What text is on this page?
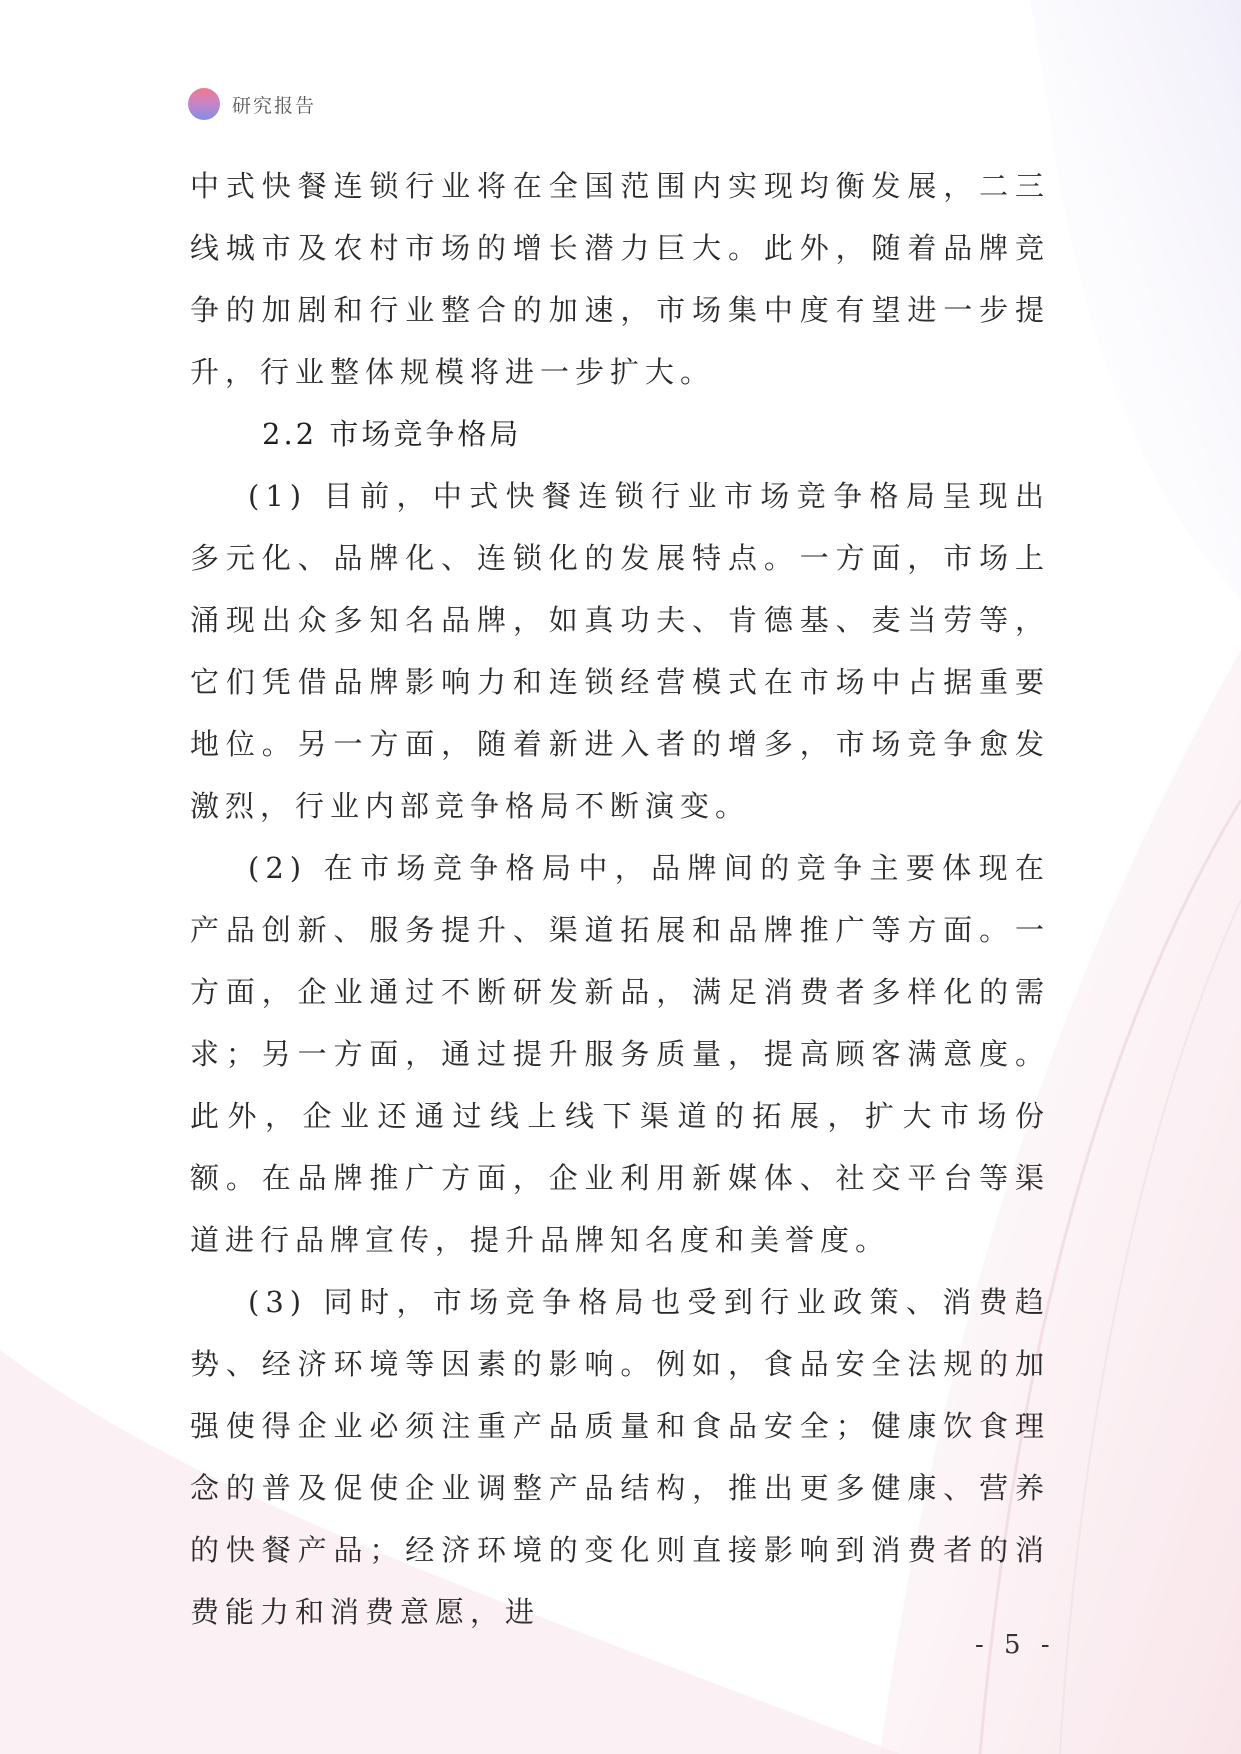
研究报告

中式快餐连锁行业将在全国范围内实现均衡发展，二三线城市及农村市场的增长潜力巨大。此外，随着品牌竞争的加剧和行业整合的加速，市场集中度有望进一步提升，行业整体规模将进一步扩大。

2.2 市场竞争格局

(1) 目前，中式快餐连锁行业市场竞争格局呈现出多元化、品牌化、连锁化的发展特点。一方面，市场上涌现出众多知名品牌，如真功夫、肯德基、麦当劳等，它们凭借品牌影响力和连锁经营模式在市场中占据重要地位。另一方面，随着新进入者的增多，市场竞争愈发激烈，行业内部竞争格局不断演变。

(2) 在市场竞争格局中，品牌间的竞争主要体现在产品创新、服务提升、渠道拓展和品牌推广等方面。一方面，企业通过不断研发新品，满足消费者多样化的需求；另一方面，通过提升服务质量，提高顾客满意度。此外，企业还通过线上线下渠道的拓展，扩大市场份额。在品牌推广方面，企业利用新媒体、社交平台等渠道进行品牌宣传，提升品牌知名度和美誉度。

(3) 同时，市场竞争格局也受到行业政策、消费趋势、经济环境等因素的影响。例如，食品安全法规的加强使得企业必须注重产品质量和食品安全；健康饮食理念的普及促使企业调整产品结构，推出更多健康、营养的快餐产品；经济环境的变化则直接影响到消费者的消费能力和消费意愿，进

- 5 -
